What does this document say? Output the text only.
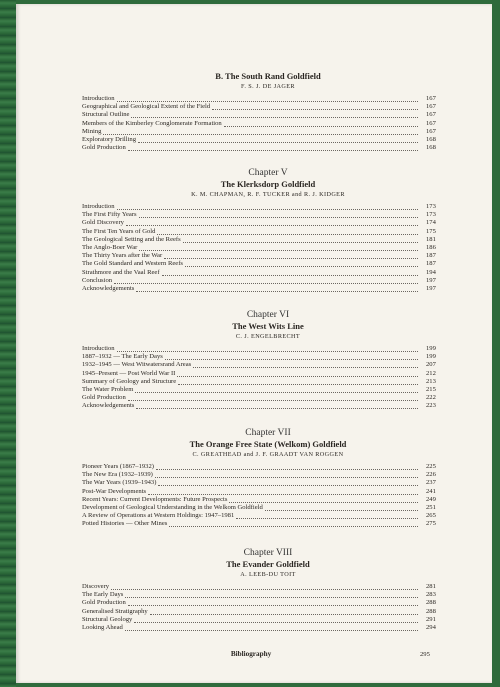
B. The South Rand Goldfield
F. S. J. DE JAGER
Introduction	167
Geographical and Geological Extent of the Field	167
Structural Outline	167
Members of the Kimberley Conglomerate Formation	167
Mining	167
Exploratory Drilling	168
Gold Production	168
Chapter V
The Klerksdorp Goldfield
K. M. CHAPMAN, R. F. TUCKER and R. J. KIDGER
Introduction	173
The First Fifty Years	173
Gold Discovery	174
The First Ten Years of Gold	175
The Geological Setting and the Reefs	181
The Anglo-Boer War	186
The Thirty Years after the War	187
The Gold Standard and Western Reefs	187
Strathmore and the Vaal Reef	194
Conclusion	197
Acknowledgements	197
Chapter VI
The West Wits Line
C. J. ENGELBRECHT
Introduction	199
1887–1932 — The Early Days	199
1932–1945 — West Witwatersrand Areas	207
1945–Present — Post World War II	212
Summary of Geology and Structure	213
The Water Problem	215
Gold Production	222
Acknowledgements	223
Chapter VII
The Orange Free State (Welkom) Goldfield
C. GREATHEAD and J. F. GRAADT VAN ROGGEN
Pioneer Years (1867–1932)	225
The New Era (1932–1939)	226
The War Years (1939–1943)	237
Post-War Developments	241
Recent Years: Current Developments: Future Prospects	249
Development of Geological Understanding in the Welkom Goldfield	251
A Review of Operations at Western Holdings: 1947–1981	265
Potted Histories — Other Mines	275
Chapter VIII
The Evander Goldfield
A. LEEB-DU TOIT
Discovery	281
The Early Days	283
Gold Production	288
Generalised Stratigraphy	288
Structural Geology	291
Looking Ahead	294
Bibliography	295
